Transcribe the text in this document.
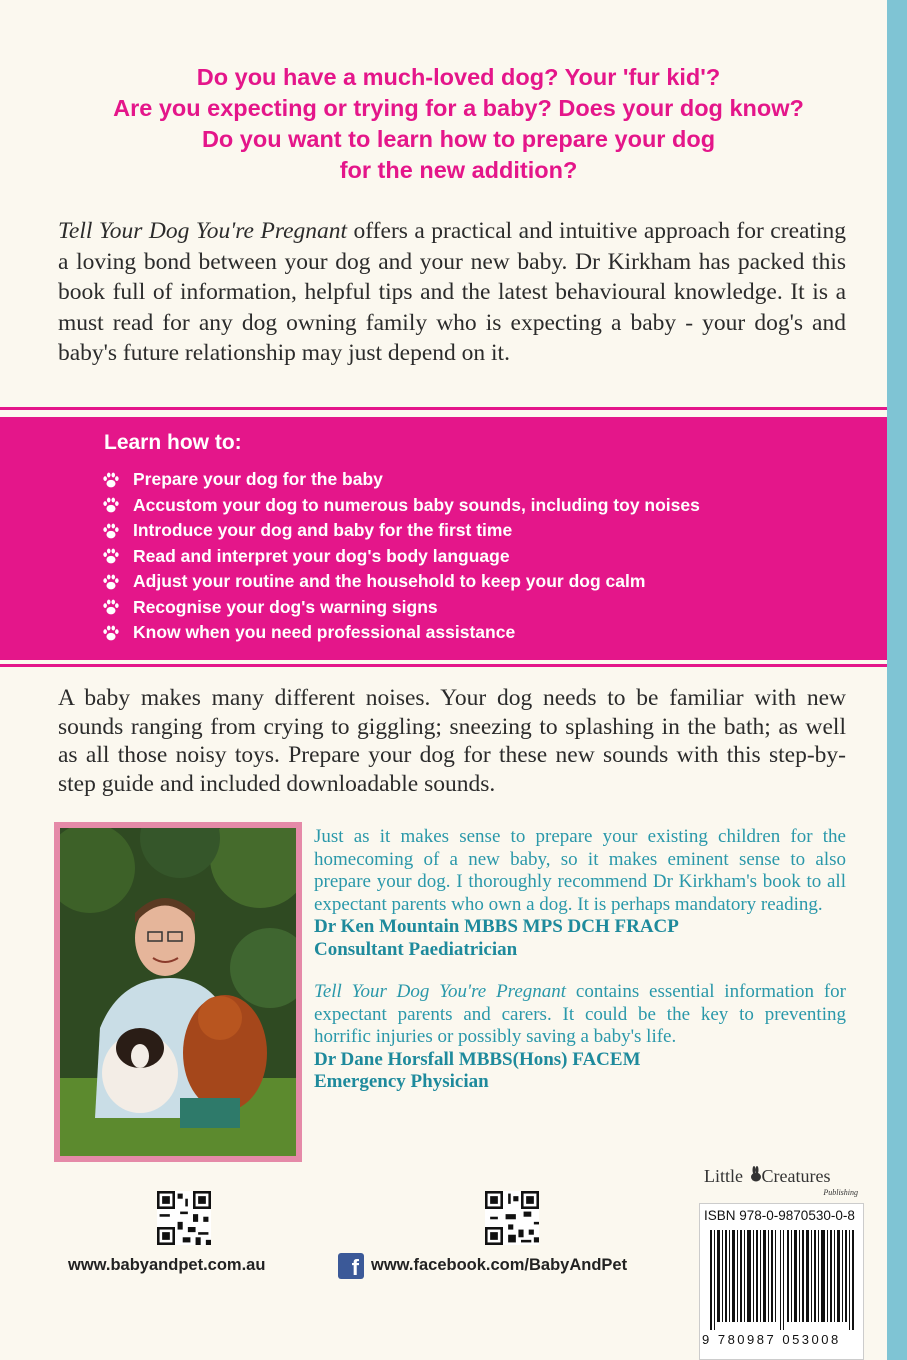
Do you have a much-loved dog? Your 'fur kid'?
Are you expecting or trying for a baby? Does your dog know?
Do you want to learn how to prepare your dog
for the new addition?

Tell Your Dog You're Pregnant offers a practical and intuitive approach for creating a loving bond between your dog and your new baby. Dr Kirkham has packed this book full of information, helpful tips and the latest behavioural knowledge. It is a must read for any dog owning family who is expecting a baby - your dog's and baby's future relationship may just depend on it.

Learn how to:
Prepare your dog for the baby
Accustom your dog to numerous baby sounds, including toy noises
Introduce your dog and baby for the first time
Read and interpret your dog's body language
Adjust your routine and the household to keep your dog calm
Recognise your dog's warning signs
Know when you need professional assistance

A baby makes many different noises. Your dog needs to be familiar with new sounds ranging from crying to giggling; sneezing to splashing in the bath; as well as all those noisy toys. Prepare your dog for these new sounds with this step-by-step guide and included downloadable sounds.

Just as it makes sense to prepare your existing children for the homecoming of a new baby, so it makes eminent sense to also prepare your dog. I thoroughly recommend Dr Kirkham's book to all expectant parents who own a dog. It is perhaps mandatory reading.

Dr Ken Mountain MBBS MPS DCH FRACP

Consultant Paediatrician

Tell Your Dog You're Pregnant contains essential information for expectant parents and carers. It could be the key to preventing horrific injuries or possibly saving a baby's life.

Dr Dane Horsfall MBBS(Hons) FACEM

Emergency Physician

www.babyandpet.com.au	f www.facebook.com/BabyAndPet
Little Creatures
Publishing
ISBN 978-0-9870530-0-8
9 780987 053008
